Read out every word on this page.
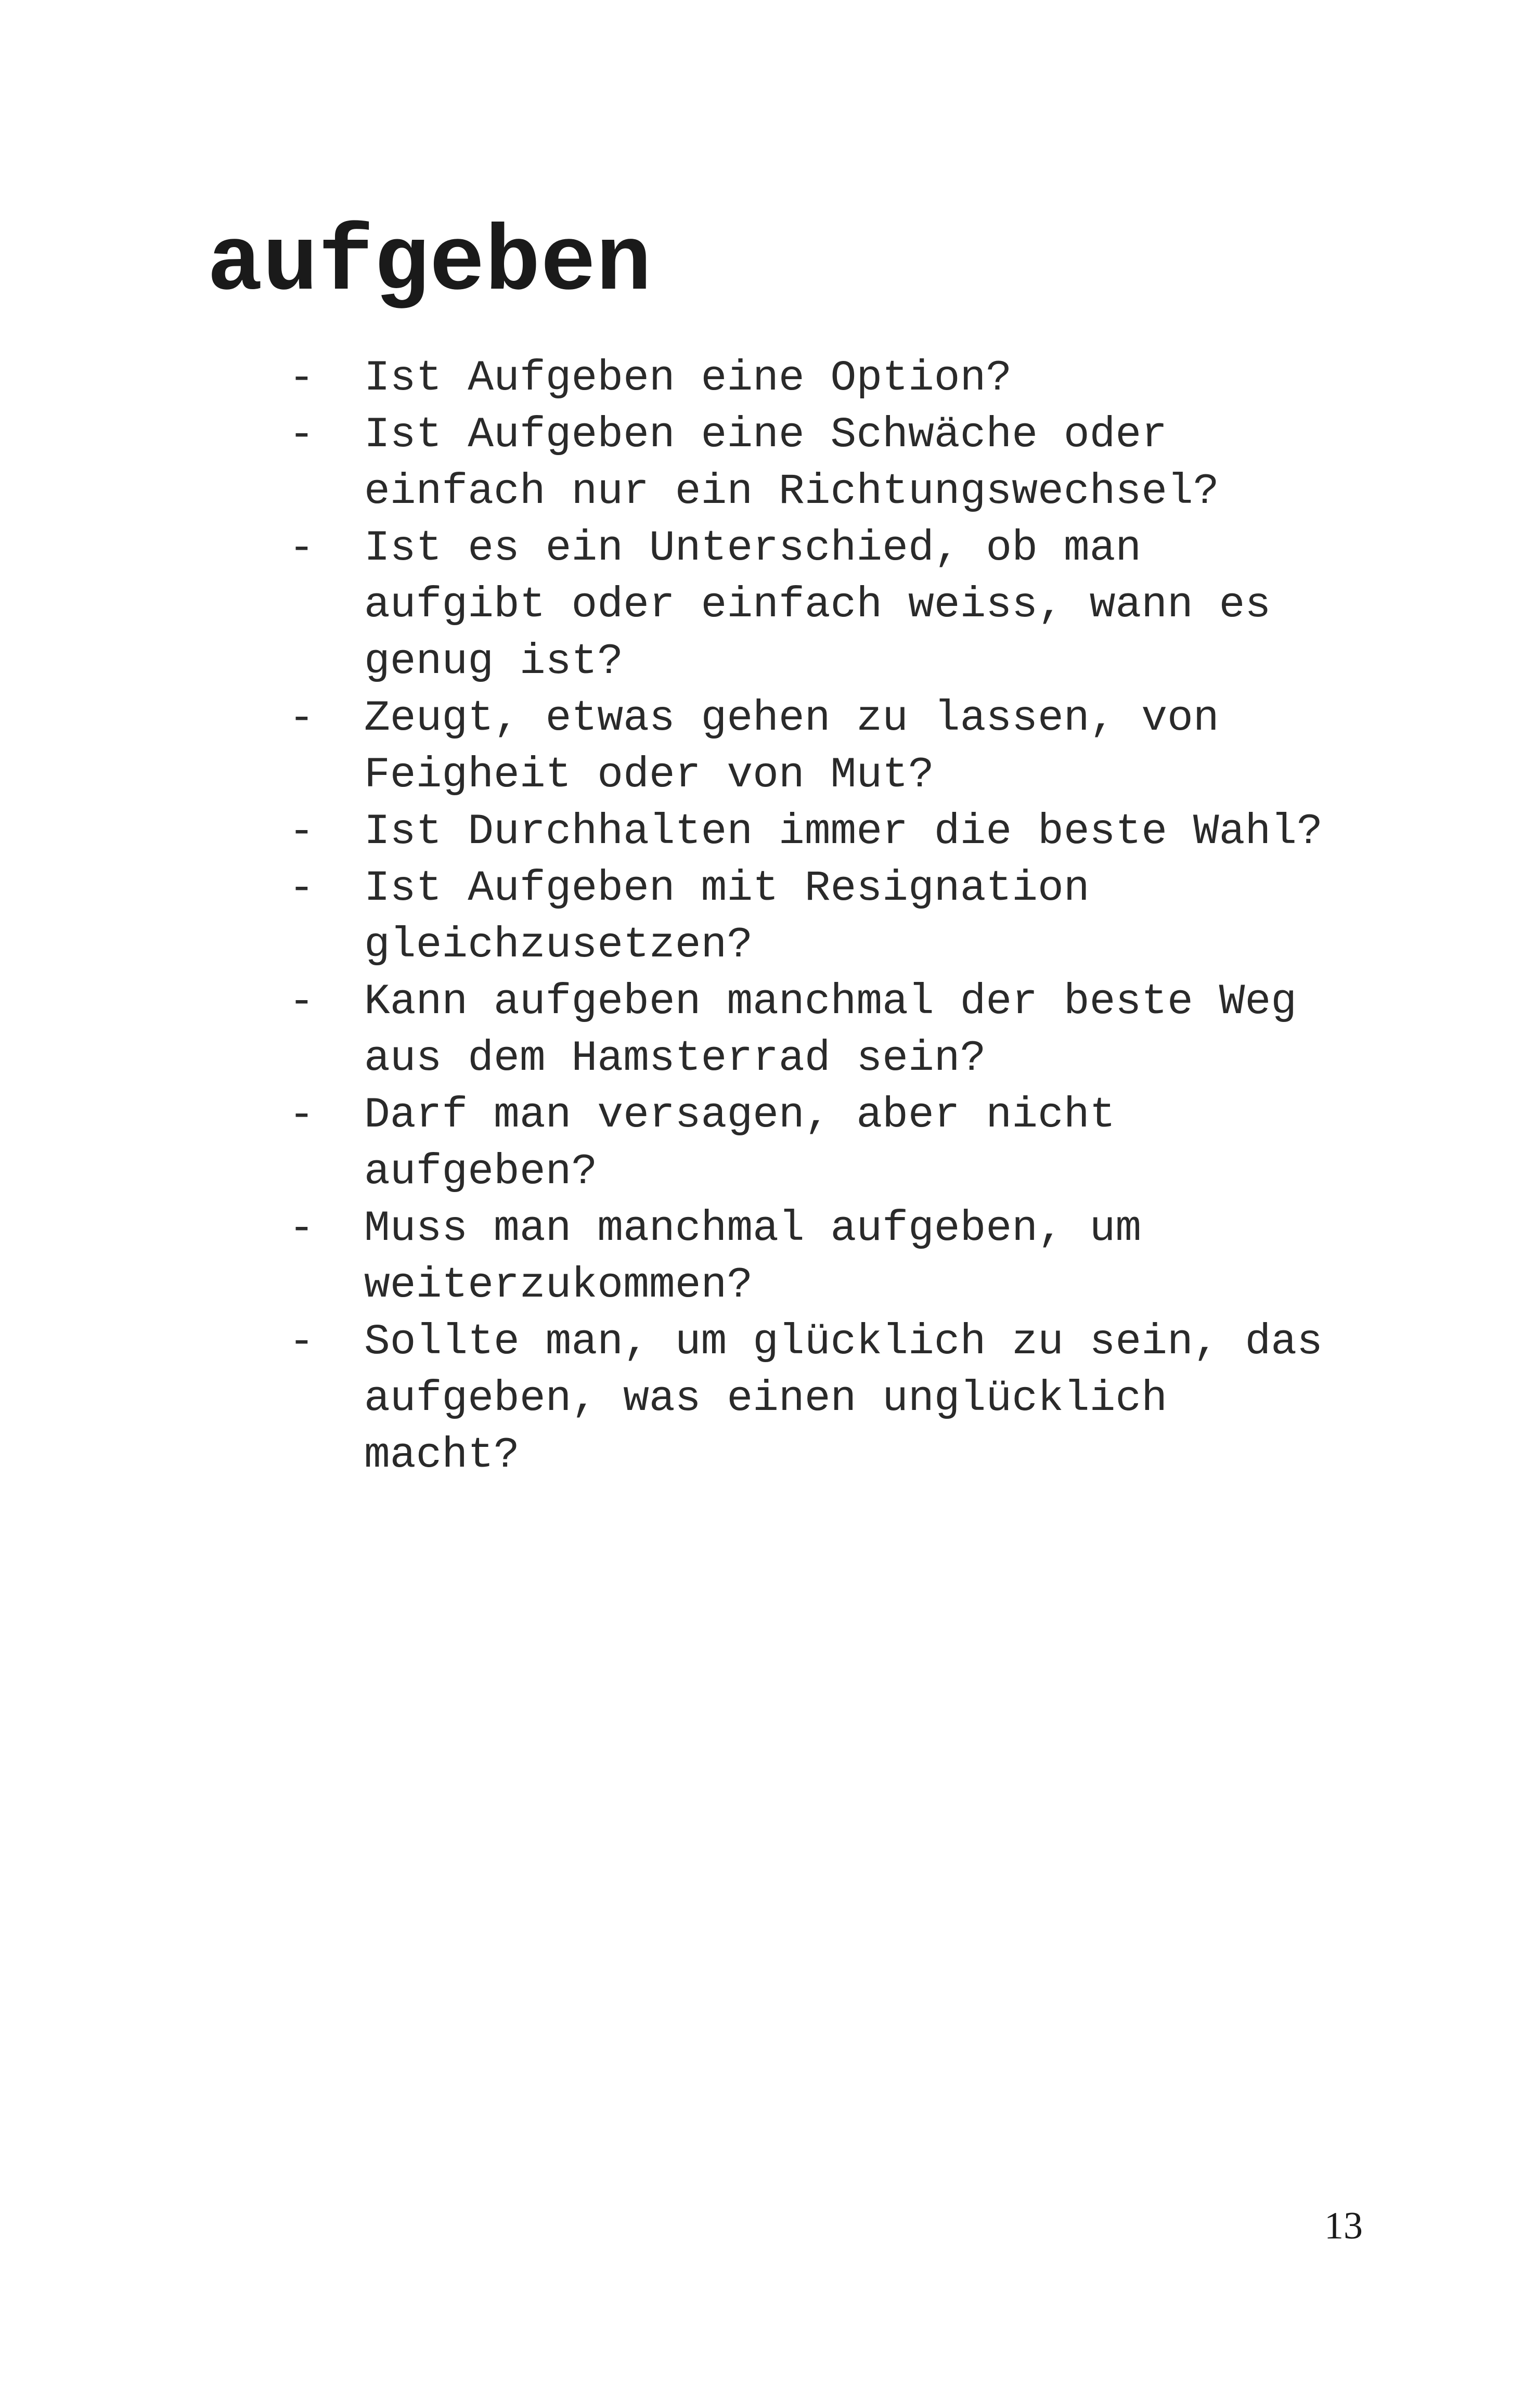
aufgeben
- Ist Aufgeben eine Option?
- Ist Aufgeben eine Schwäche oder
einfach nur ein Richtungswechsel?
- Ist es ein Unterschied, ob man
aufgibt oder einfach weiss, wann es
genug ist?
- Zeugt, etwas gehen zu lassen, von
Feigheit oder von Mut?
- Ist Durchhalten immer die beste Wahl?
- Ist Aufgeben mit Resignation
gleichzusetzen?
- Kann aufgeben manchmal der beste Weg
aus dem Hamsterrad sein?
- Darf man versagen, aber nicht
aufgeben?
- Muss man manchmal aufgeben, um
weiterzukommen?
- Sollte man, um glücklich zu sein, das
aufgeben, was einen unglücklich
macht?
13
